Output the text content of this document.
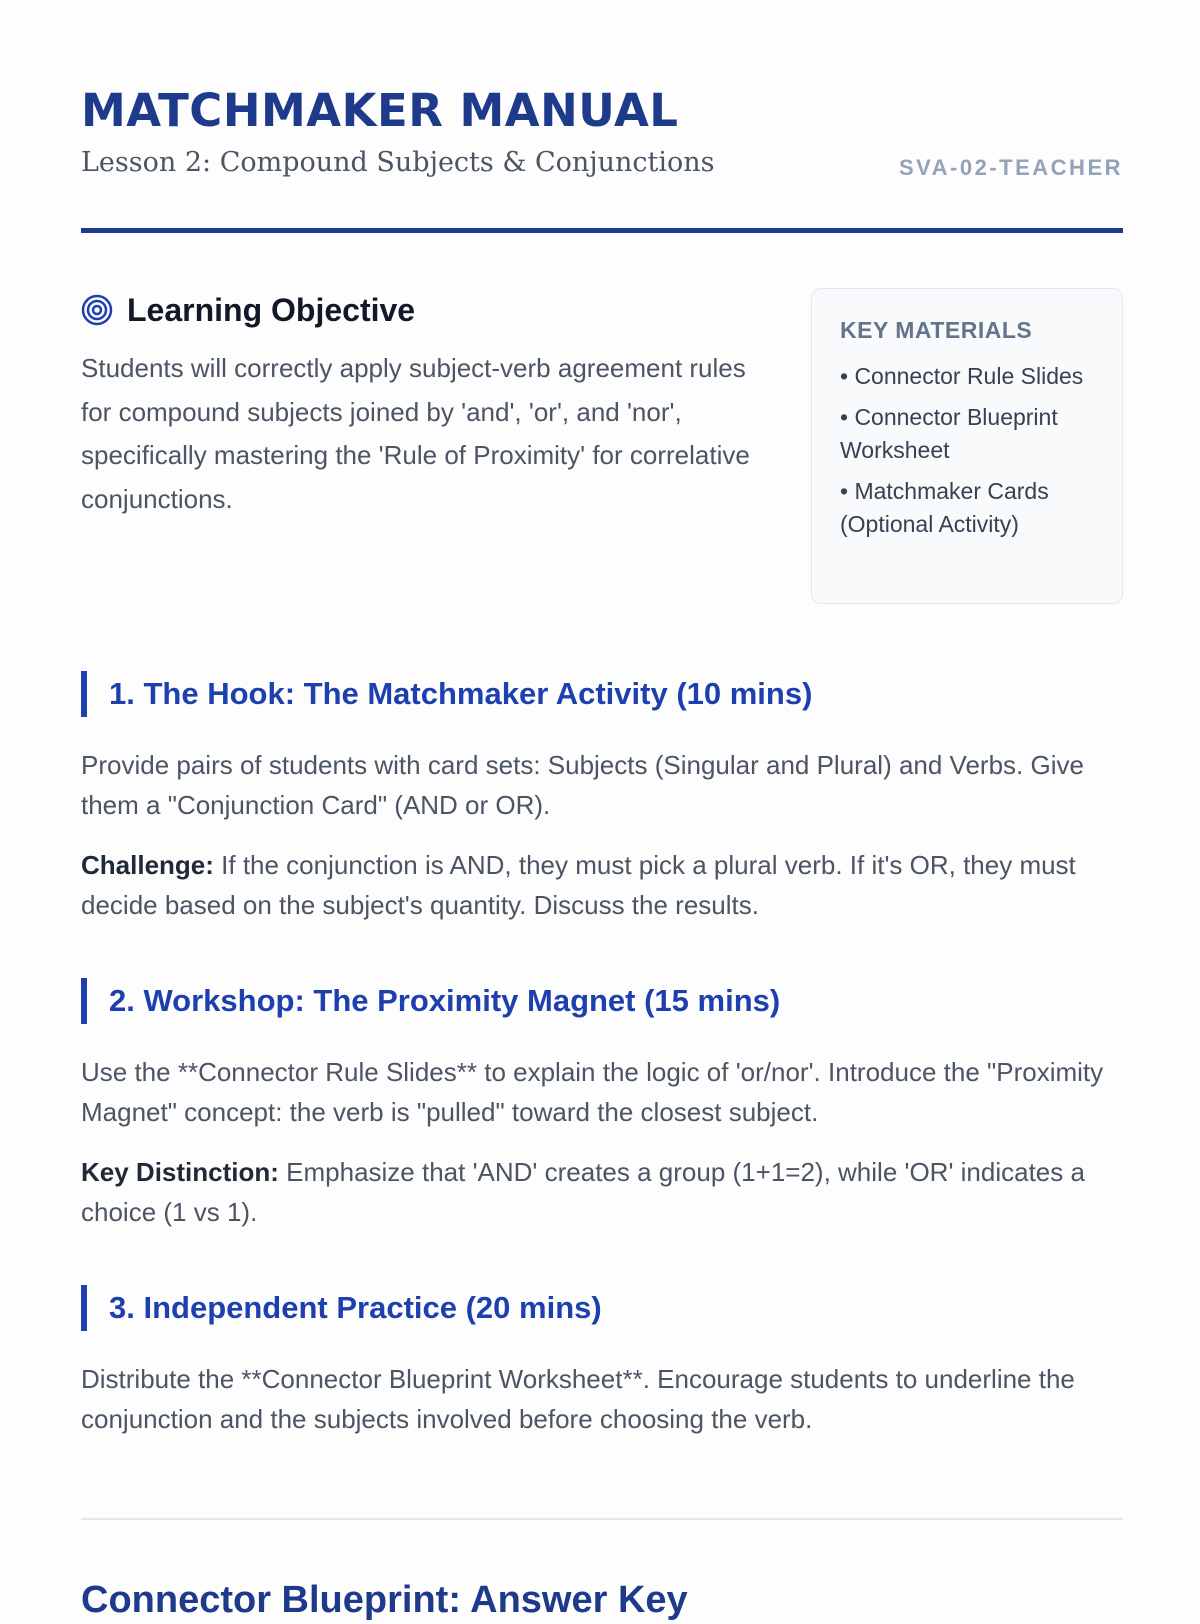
MATCHMAKER MANUAL
Lesson 2: Compound Subjects & Conjunctions	SVA-02-TEACHER
Learning Objective
Students will correctly apply subject-verb agreement rules for compound subjects joined by 'and', 'or', and 'nor', specifically mastering the 'Rule of Proximity' for correlative conjunctions.
KEY MATERIALS
• Connector Rule Slides
• Connector Blueprint Worksheet
• Matchmaker Cards (Optional Activity)
1. The Hook: The Matchmaker Activity (10 mins)

Provide pairs of students with card sets: Subjects (Singular and Plural) and Verbs. Give them a "Conjunction Card" (AND or OR).

Challenge: If the conjunction is AND, they must pick a plural verb. If it's OR, they must decide based on the subject's quantity. Discuss the results.

2. Workshop: The Proximity Magnet (15 mins)

Use the **Connector Rule Slides** to explain the logic of 'or/nor'. Introduce the "Proximity Magnet" concept: the verb is "pulled" toward the closest subject.

Key Distinction: Emphasize that 'AND' creates a group (1+1=2), while 'OR' indicates a choice (1 vs 1).

3. Independent Practice (20 mins)

Distribute the **Connector Blueprint Worksheet**. Encourage students to underline the conjunction and the subjects involved before choosing the verb.

Connector Blueprint: Answer Key
